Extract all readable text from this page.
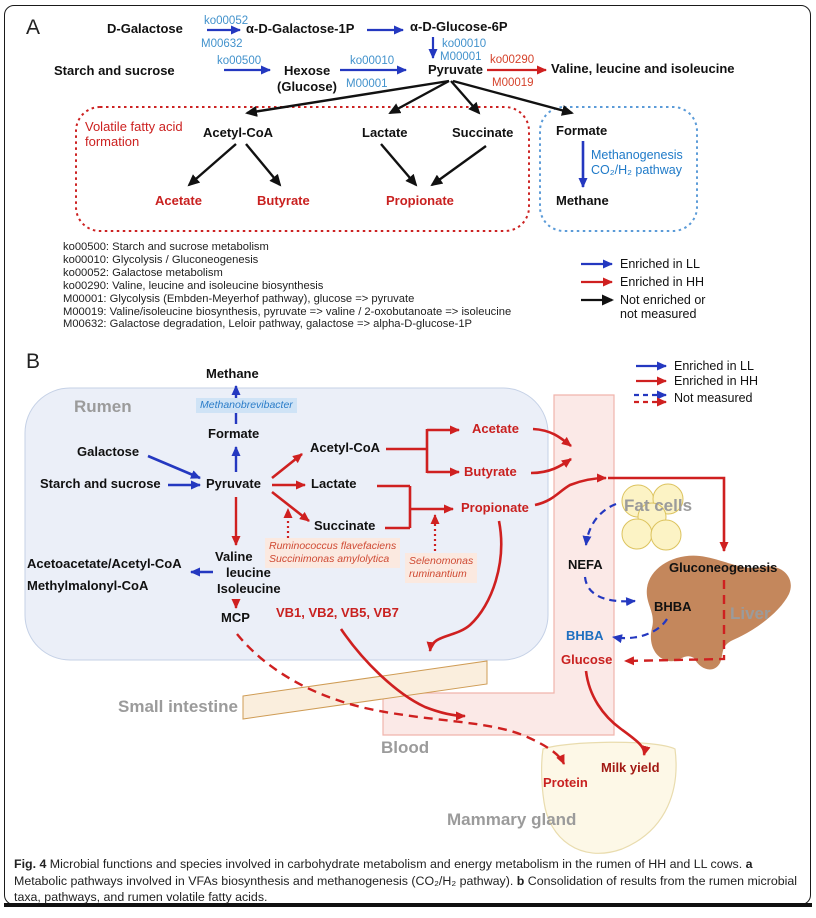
A	D-Galactose ko00052
M00632
α-D-Galactose-1P	α-D-Glucose-6P
ko00010
M00001
Starch and sucrose
ko00500
Hexose
(Glucose)
ko00010
M00001
Pyruvate
ko00290
M00019
Valine, leucine and isoleucine
Volatile fatty acid formation
Acetyl-CoA	Lactate	Succinate	Formate
Methanogenesis
CO₂/H₂ pathway
Acetate	Butyrate	Propionate	Methane
ko00500: Starch and sucrose metabolism
ko00010: Glycolysis / Gluconeogenesis
ko00052: Galactose metabolism
ko00290: Valine, leucine and isoleucine biosynthesis
M00001: Glycolysis (Embden-Meyerhof pathway), glucose => pyruvate
M00019: Valine/isoleucine biosynthesis, pyruvate => valine / 2-oxobutanoate => isoleucine
M00632: Galactose degradation, Leloir pathway, galactose => alpha-D-glucose-1P
Enriched in LL
Enriched in HH
Not enriched or not measured
B
Methane
Rumen	Methanobrevibacter
Formate
Galactose
Starch and sucrose	Pyruvate
Acetyl-CoA
Lactate
Succinate
Acetate
Butyrate
Propionate
Ruminococcus flavefaciens
Succinimonas amylolytica	Selenomonas
ruminantium
Acetoacetate/Acetyl-CoA
Methylmalonyl-CoA
Valine
leucine
Isoleucine
MCP VB1, VB2, VB5, VB7
Fat cells
NEFA	Gluconeogenesis
BHBA Liver
BHBA
Glucose
Small intestine
Blood
Protein
Milk yield
Mammary gland
Enriched in LL
Enriched in HH
Not measured
Fig. 4 Microbial functions and species involved in carbohydrate metabolism and energy metabolism in the rumen of HH and LL cows. a Metabolic pathways involved in VFAs biosynthesis and methanogenesis (CO₂/H₂ pathway). b Consolidation of results from the rumen microbial taxa, pathways, and rumen volatile fatty acids.
